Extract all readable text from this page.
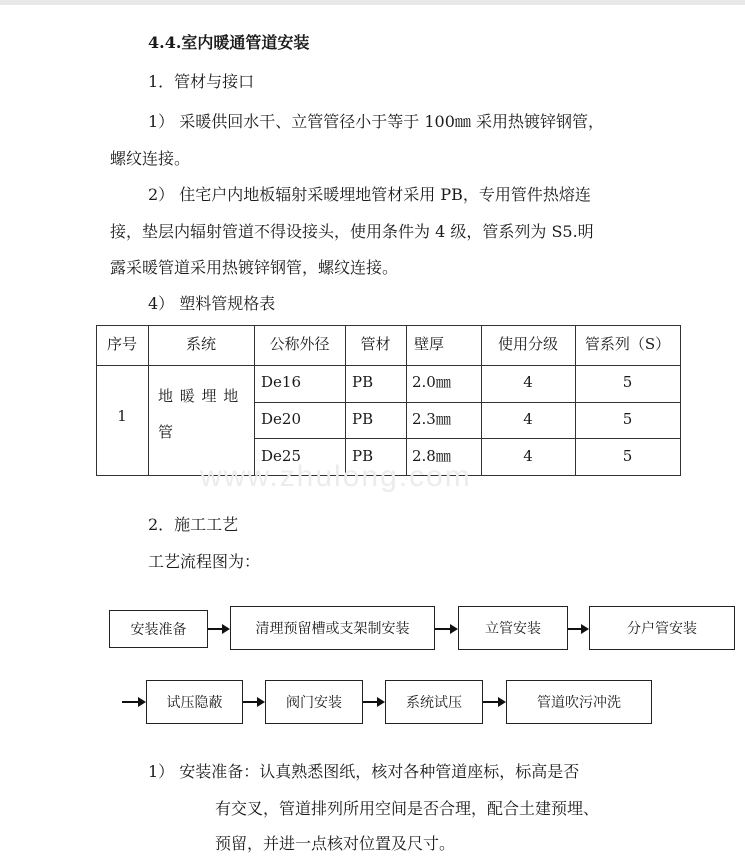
4.4.室内暖通管道安装
1．管材与接口
1） 采暖供回水干、立管管径小于等于 100㎜ 采用热镀锌钢管，
螺纹连接。
2） 住宅户内地板辐射采暖埋地管材采用 PB，专用管件热熔连
接，垫层内辐射管道不得设接头，使用条件为 4 级，管系列为 S5.明
露采暖管道采用热镀锌钢管，螺纹连接。
4） 塑料管规格表
序号	系统	公称外径	管材	壁厚	使用分级	管系列（S）
1
地 暖 埋 地
管
De16	PB	2.0㎜	4	5
De20	PB	2.3㎜	4	5
De25	PB	2.8㎜	4	5
www.zhulong.com
2．施工工艺
工艺流程图为：
安装准备	清理预留槽或支架制安装	立管安装	分户管安装
试压隐蔽	阀门安装	系统试压	管道吹污冲洗
1） 安装准备：认真熟悉图纸，核对各种管道座标，标高是否
有交叉，管道排列所用空间是否合理，配合土建预埋、
预留，并进一点核对位置及尺寸。
